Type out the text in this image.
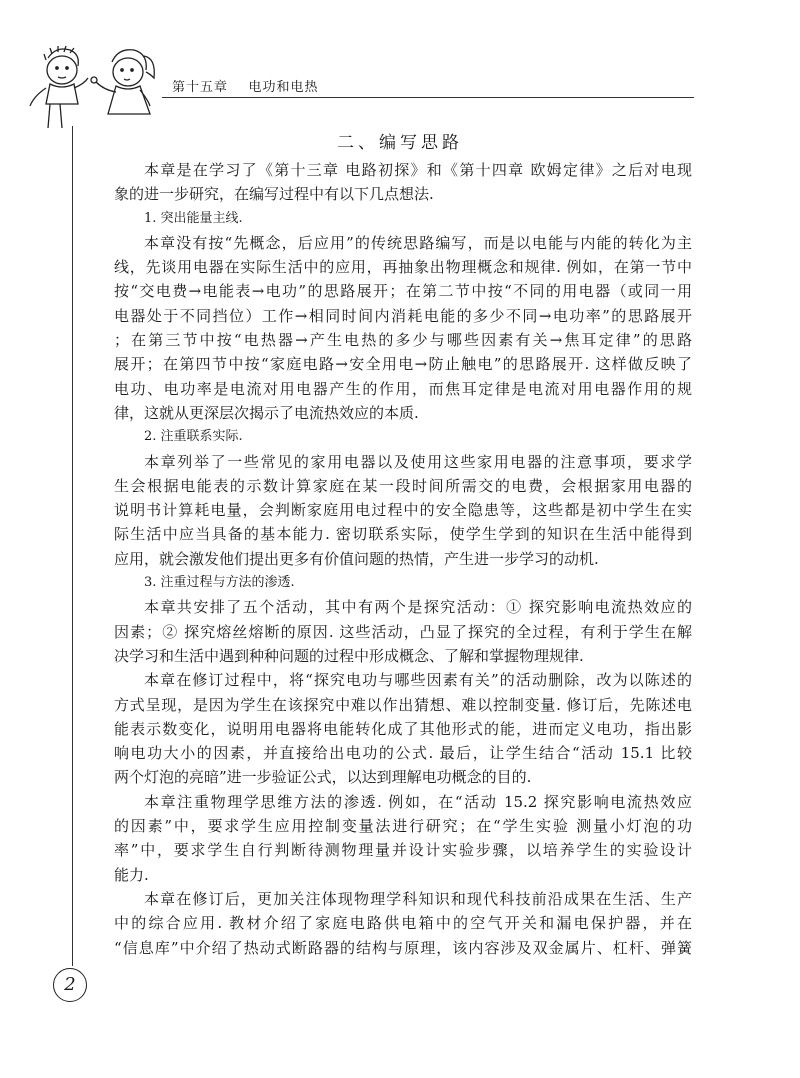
第十五章    电功和电热
二、编写思路
本章是在学习了《第十三章 电路初探》和《第十四章 欧姆定律》之后对电现
象的进一步研究，在编写过程中有以下几点想法.
1. 突出能量主线.
本章没有按“先概念，后应用”的传统思路编写，而是以电能与内能的转化为主
线，先谈用电器在实际生活中的应用，再抽象出物理概念和规律. 例如，在第一节中
按“交电费→电能表→电功”的思路展开；在第二节中按“不同的用电器（或同一用
电器处于不同挡位）工作→相同时间内消耗电能的多少不同→电功率”的思路展开
；在第三节中按“电热器→产生电热的多少与哪些因素有关→焦耳定律”的思路
展开；在第四节中按“家庭电路→安全用电→防止触电”的思路展开. 这样做反映了
电功、电功率是电流对用电器产生的作用，而焦耳定律是电流对用电器作用的规
律，这就从更深层次揭示了电流热效应的本质.
2. 注重联系实际.
本章列举了一些常见的家用电器以及使用这些家用电器的注意事项，要求学
生会根据电能表的示数计算家庭在某一段时间所需交的电费，会根据家用电器的
说明书计算耗电量，会判断家庭用电过程中的安全隐患等，这些都是初中学生在实
际生活中应当具备的基本能力. 密切联系实际，使学生学到的知识在生活中能得到
应用，就会激发他们提出更多有价值问题的热情，产生进一步学习的动机.
3. 注重过程与方法的渗透.
本章共安排了五个活动，其中有两个是探究活动：① 探究影响电流热效应的
因素；② 探究熔丝熔断的原因. 这些活动，凸显了探究的全过程，有利于学生在解
决学习和生活中遇到种种问题的过程中形成概念、了解和掌握物理规律.
本章在修订过程中，将“探究电功与哪些因素有关”的活动删除，改为以陈述的
方式呈现，是因为学生在该探究中难以作出猜想、难以控制变量. 修订后，先陈述电
能表示数变化，说明用电器将电能转化成了其他形式的能，进而定义电功，指出影
响电功大小的因素，并直接给出电功的公式. 最后，让学生结合“活动 15.1 比较
两个灯泡的亮暗”进一步验证公式，以达到理解电功概念的目的.
本章注重物理学思维方法的渗透. 例如，在“活动 15.2 探究影响电流热效应
的因素”中，要求学生应用控制变量法进行研究；在“学生实验 测量小灯泡的功
率”中，要求学生自行判断待测物理量并设计实验步骤，以培养学生的实验设计
能力.
本章在修订后，更加关注体现物理学科知识和现代科技前沿成果在生活、生产
中的综合应用. 教材介绍了家庭电路供电箱中的空气开关和漏电保护器，并在
“信息库”中介绍了热动式断路器的结构与原理，该内容涉及双金属片、杠杆、弹簧
2
